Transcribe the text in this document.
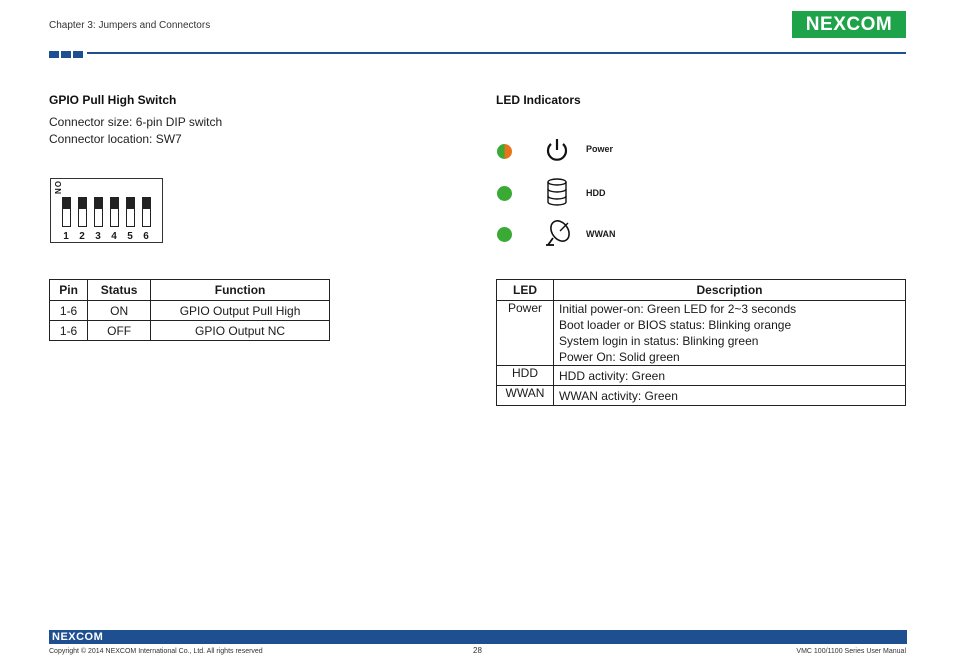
Chapter 3: Jumpers and Connectors	NEXCOM
GPIO Pull High Switch
Connector size: 6-pin DIP switch
Connector location: SW7
ON
1	2	3	4	5	6
Pin	Status	Function
1-6	ON	GPIO Output Pull High
1-6	OFF	GPIO Output NC
LED Indicators
Power
HDD
WWAN
LED	Description
Power	Initial power-on: Green LED for 2~3 seconds
Boot loader or BIOS status: Blinking orange
System login in status: Blinking green
Power On: Solid green

HDD	HDD activity: Green

WWAN	WWAN activity: Green
NEXCOM
Copyright © 2014 NEXCOM International Co., Ltd. All rights reserved	28	VMC 100/1100 Series User Manual
